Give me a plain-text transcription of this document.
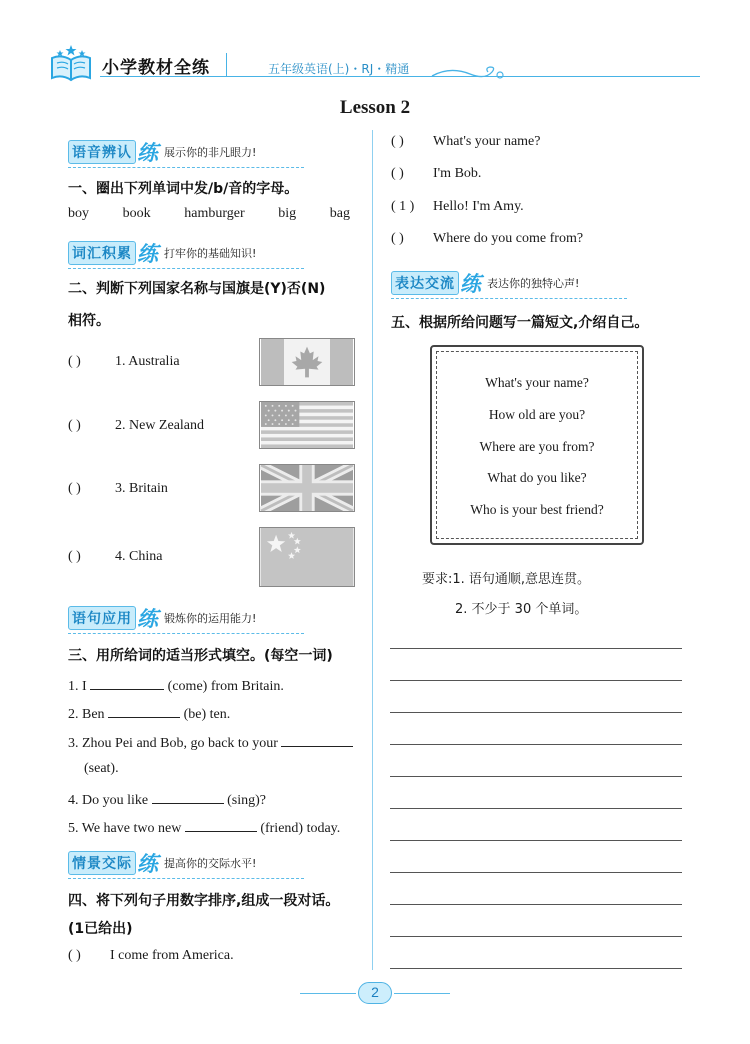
小学教材全练	五年级英语(上)・RJ・精通
Lesson 2
语音辨认 练 展示你的非凡眼力!
一、圈出下列单词中发/b/音的字母。
boy book hamburger big bag
词汇积累 练 打牢你的基础知识!
二、判断下列国家名称与国旗是(Y)否(N)
相符。
( ) 1. Australia
( ) 2. New Zealand
( ) 3. Britain
( ) 4. China
语句应用 练 锻炼你的运用能力!
三、用所给词的适当形式填空。(每空一词)
1. I	(come) from Britain.
2. Ben	(be) ten.
3. Zhou Pei and Bob, go back to your
(seat).
4. Do you like	(sing)?
5. We have two new	(friend) today.
情景交际 练 提高你的交际水平!
四、将下列句子用数字排序,组成一段对话。
(1已给出)
( ) I come from America.
( ) What's your name?
( ) I'm Bob.
( 1 ) Hello! I'm Amy.
( ) Where do you come from?
表达交流 练 表达你的独特心声!
五、根据所给问题写一篇短文,介绍自己。
What's your name?
How old are you?
Where are you from?
What do you like?
Who is your best friend?
要求:1. 语句通顺,意思连贯。
2. 不少于 30 个单词。
2
